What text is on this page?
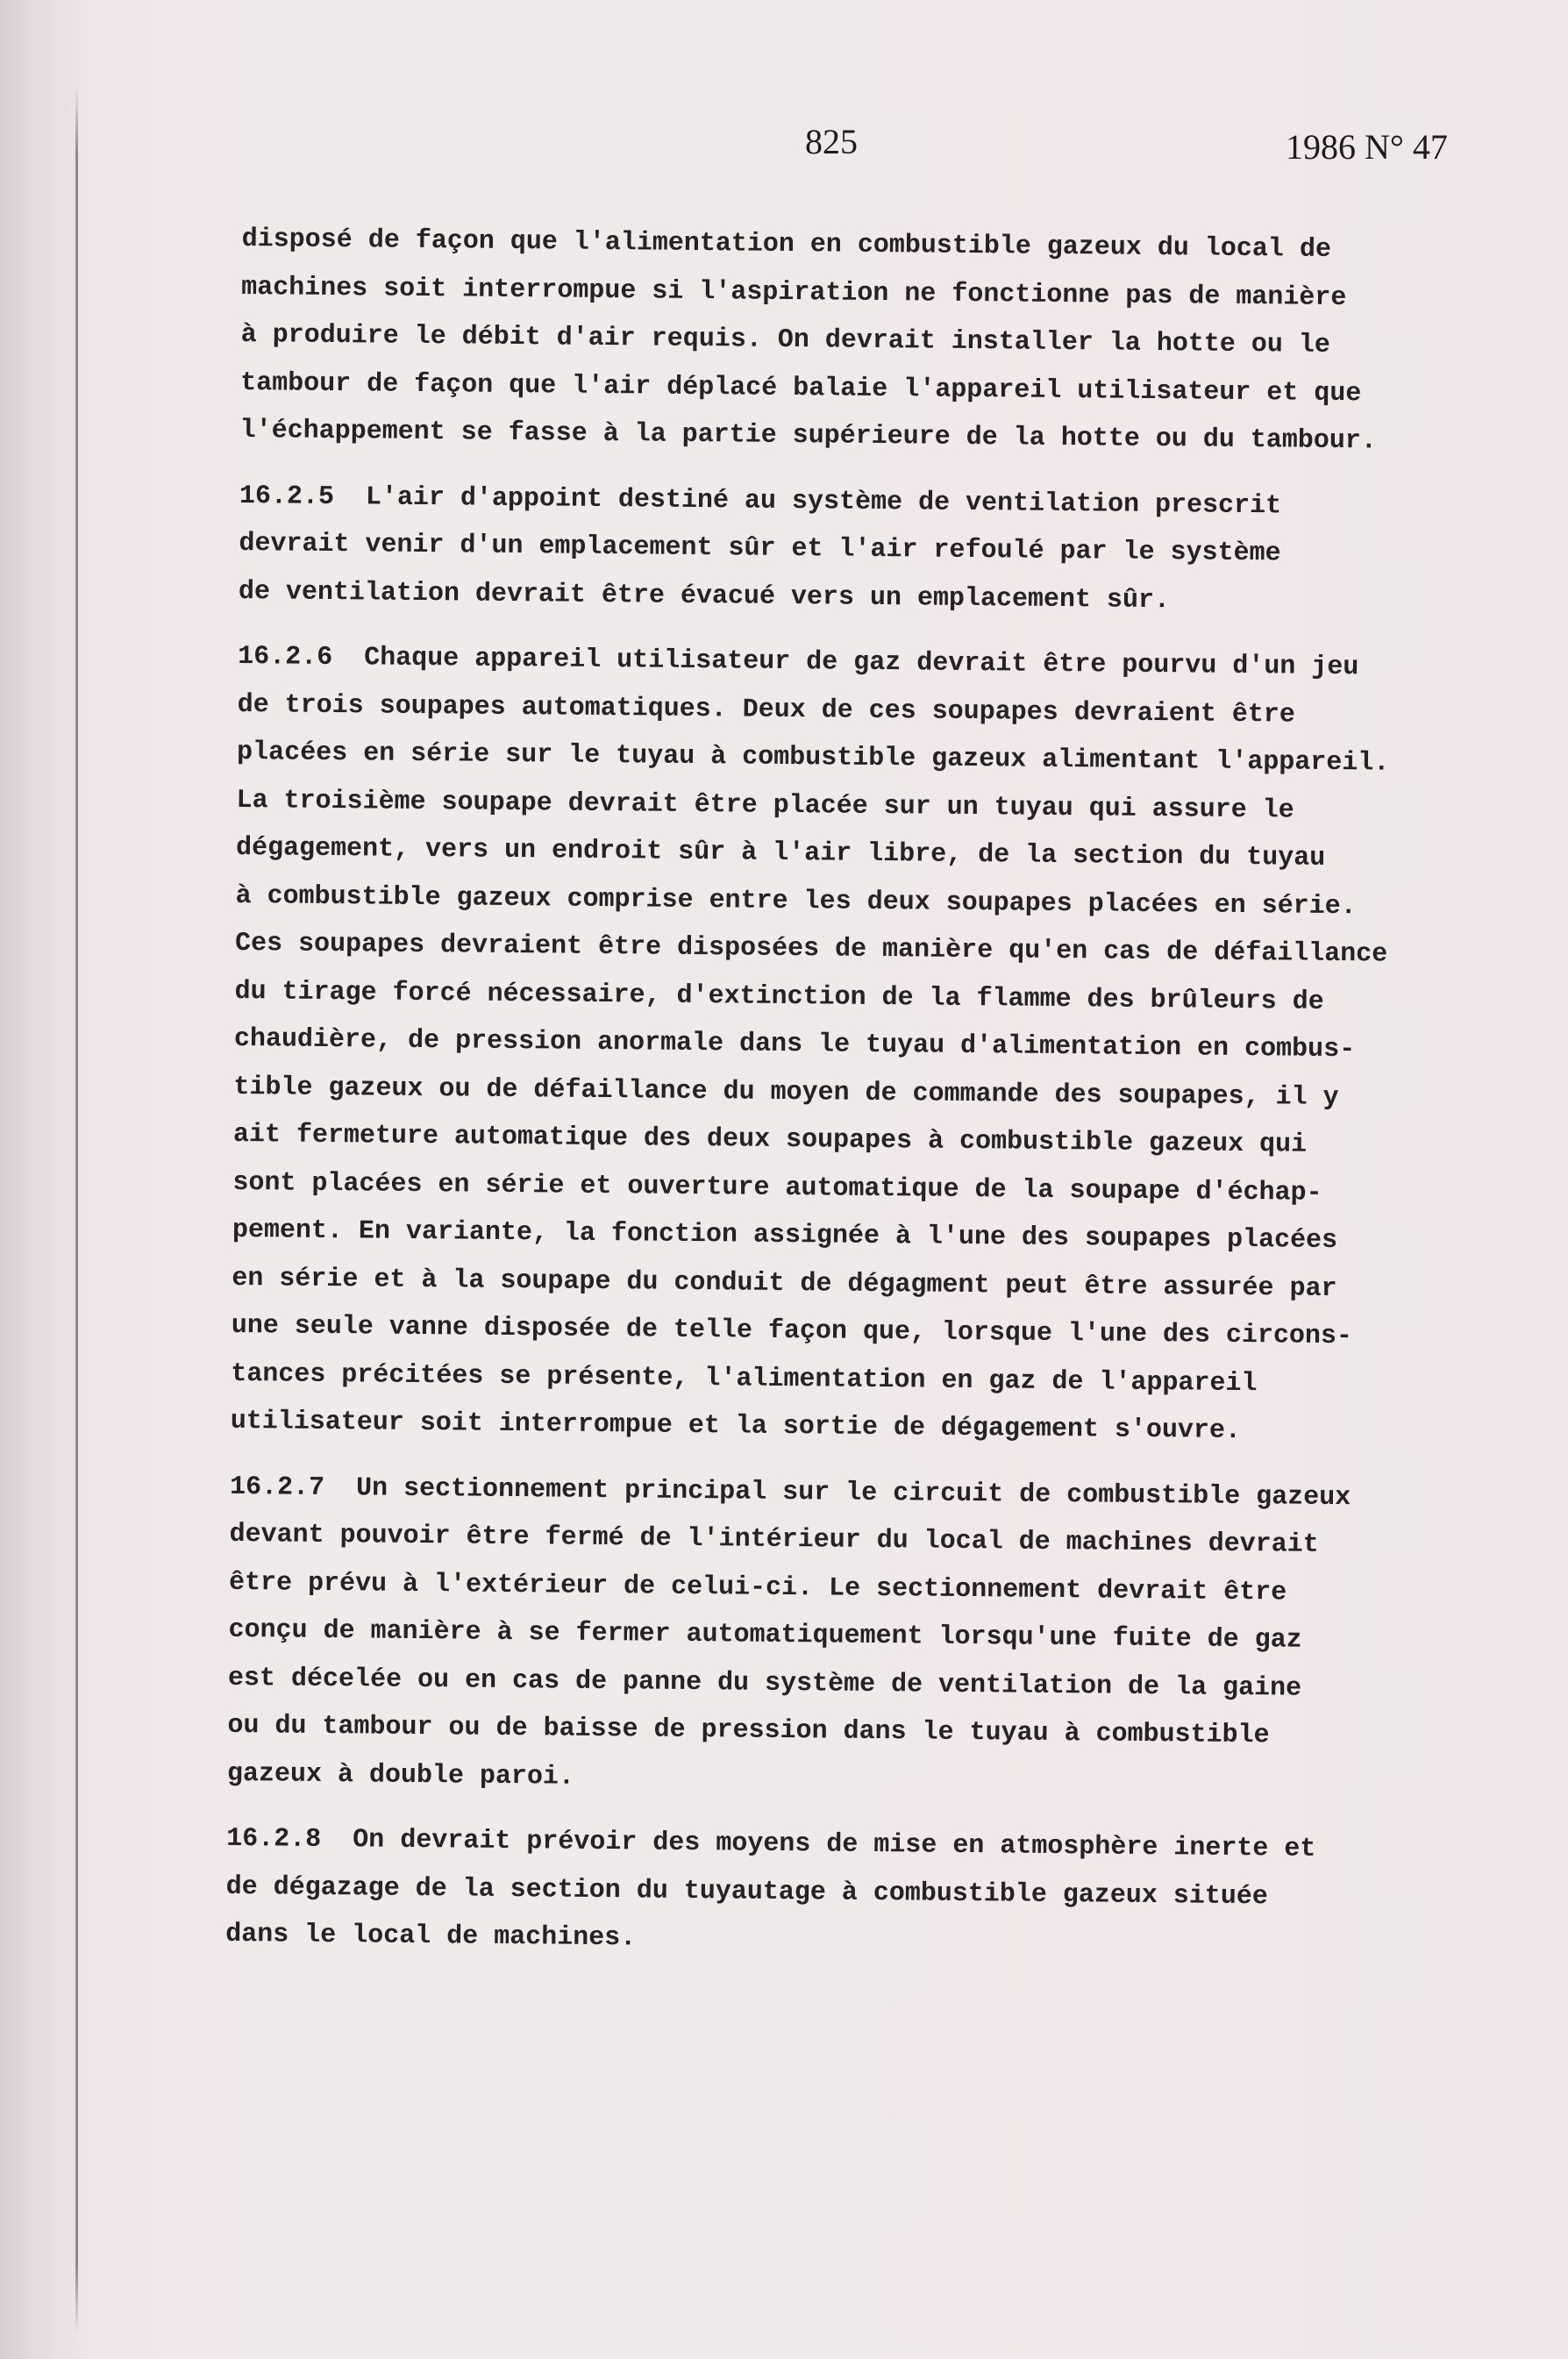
825	1986 N° 47
disposé de façon que l'alimentation en combustible gazeux du local de
machines soit interrompue si l'aspiration ne fonctionne pas de manière
à produire le débit d'air requis. On devrait installer la hotte ou le
tambour de façon que l'air déplacé balaie l'appareil utilisateur et que
l'échappement se fasse à la partie supérieure de la hotte ou du tambour.
16.2.5  L'air d'appoint destiné au système de ventilation prescrit
devrait venir d'un emplacement sûr et l'air refoulé par le système
de ventilation devrait être évacué vers un emplacement sûr.
16.2.6  Chaque appareil utilisateur de gaz devrait être pourvu d'un jeu
de trois soupapes automatiques. Deux de ces soupapes devraient être
placées en série sur le tuyau à combustible gazeux alimentant l'appareil.
La troisième soupape devrait être placée sur un tuyau qui assure le
dégagement, vers un endroit sûr à l'air libre, de la section du tuyau
à combustible gazeux comprise entre les deux soupapes placées en série.
Ces soupapes devraient être disposées de manière qu'en cas de défaillance
du tirage forcé nécessaire, d'extinction de la flamme des brûleurs de
chaudière, de pression anormale dans le tuyau d'alimentation en combus-
tible gazeux ou de défaillance du moyen de commande des soupapes, il y
ait fermeture automatique des deux soupapes à combustible gazeux qui
sont placées en série et ouverture automatique de la soupape d'échap-
pement. En variante, la fonction assignée à l'une des soupapes placées
en série et à la soupape du conduit de dégagment peut être assurée par
une seule vanne disposée de telle façon que, lorsque l'une des circons-
tances précitées se présente, l'alimentation en gaz de l'appareil
utilisateur soit interrompue et la sortie de dégagement s'ouvre.
16.2.7  Un sectionnement principal sur le circuit de combustible gazeux
devant pouvoir être fermé de l'intérieur du local de machines devrait
être prévu à l'extérieur de celui-ci. Le sectionnement devrait être
conçu de manière à se fermer automatiquement lorsqu'une fuite de gaz
est décelée ou en cas de panne du système de ventilation de la gaine
ou du tambour ou de baisse de pression dans le tuyau à combustible
gazeux à double paroi.
16.2.8  On devrait prévoir des moyens de mise en atmosphère inerte et
de dégazage de la section du tuyautage à combustible gazeux située
dans le local de machines.
